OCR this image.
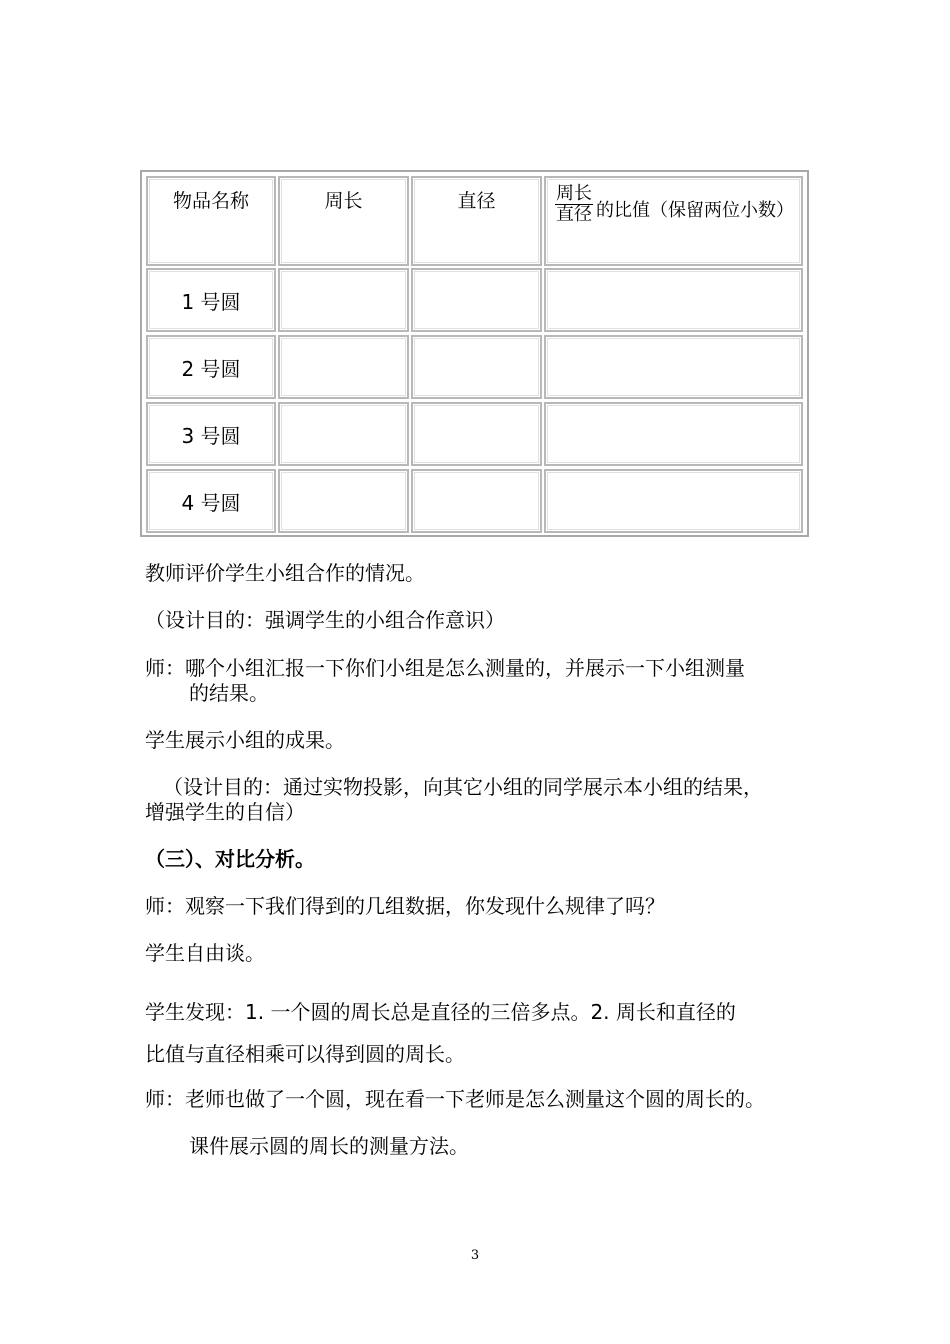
物品名称	周长	直径	周长
直径 的比值（保留两位小数）
1 号圆
2 号圆
3 号圆
4 号圆
教师评价学生小组合作的情况。
（设计目的：强调学生的小组合作意识）
师：哪个小组汇报一下你们小组是怎么测量的，并展示一下小组测量
的结果。
学生展示小组的成果。
（设计目的：通过实物投影，向其它小组的同学展示本小组的结果，
增强学生的自信）
（三）、对比分析。
师：观察一下我们得到的几组数据，你发现什么规律了吗？
学生自由谈。
学生发现：1. 一个圆的周长总是直径的三倍多点。2. 周长和直径的
比值与直径相乘可以得到圆的周长。
师：老师也做了一个圆，现在看一下老师是怎么测量这个圆的周长的。
课件展示圆的周长的测量方法。
3
